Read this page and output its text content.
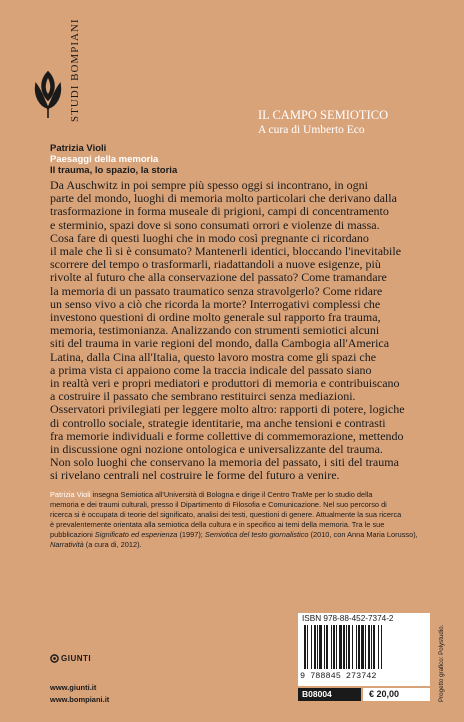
STUDI BOMPIANI	IL CAMPO SEMIOTICO
A cura di Umberto Eco
Patrizia Violi
Paesaggi della memoria
Il trauma, lo spazio, la storia
Da Auschwitz in poi sempre più spesso oggi si incontrano, in ogni
parte del mondo, luoghi di memoria molto particolari che derivano dalla
trasformazione in forma museale di prigioni, campi di concentramento
e sterminio, spazi dove si sono consumati orrori e violenze di massa.
Cosa fare di questi luoghi che in modo così pregnante ci ricordano
il male che lì si è consumato? Mantenerli identici, bloccando l'inevitabile
scorrere del tempo o trasformarli, riadattandoli a nuove esigenze, più
rivolte al futuro che alla conservazione del passato? Come tramandare
la memoria di un passato traumatico senza stravolgerlo? Come ridare
un senso vivo a ciò che ricorda la morte? Interrogativi complessi che
investono questioni di ordine molto generale sul rapporto fra trauma,
memoria, testimonianza. Analizzando con strumenti semiotici alcuni
siti del trauma in varie regioni del mondo, dalla Cambogia all'America
Latina, dalla Cina all'Italia, questo lavoro mostra come gli spazi che
a prima vista ci appaiono come la traccia indicale del passato siano
in realtà veri e propri mediatori e produttori di memoria e contribuiscano
a costruire il passato che sembrano restituirci senza mediazioni.
Osservatori privilegiati per leggere molto altro: rapporti di potere, logiche
di controllo sociale, strategie identitarie, ma anche tensioni e contrasti
fra memorie individuali e forme collettive di commemorazione, mettendo
in discussione ogni nozione ontologica e universalizzante del trauma.
Non solo luoghi che conservano la memoria del passato, i siti del trauma
si rivelano centrali nel costruire le forme del futuro a venire.
Patrizia Violi insegna Semiotica all'Università di Bologna e dirige il Centro TraMe per lo studio della
memoria e dei traumi culturali, presso il Dipartimento di Filosofia e Comunicazione. Nel suo percorso di
ricerca si è occupata di teorie del significato, analisi dei testi, questioni di genere. Attualmente la sua ricerca
è prevalentemente orientata alla semiotica della cultura e in specifico ai temi della memoria. Tra le sue
pubblicazioni Significato ed esperienza (1997); Semiotica del testo giornalistico (2010, con Anna Maria Lorusso),
Narratività (a cura di, 2012).
ISBN 978-88-452-7374-2
9 788845 273742
B08004	€ 20,00
GIUNTI
www.giunti.it
www.bompiani.it	Progetto grafico: Polystudio.
